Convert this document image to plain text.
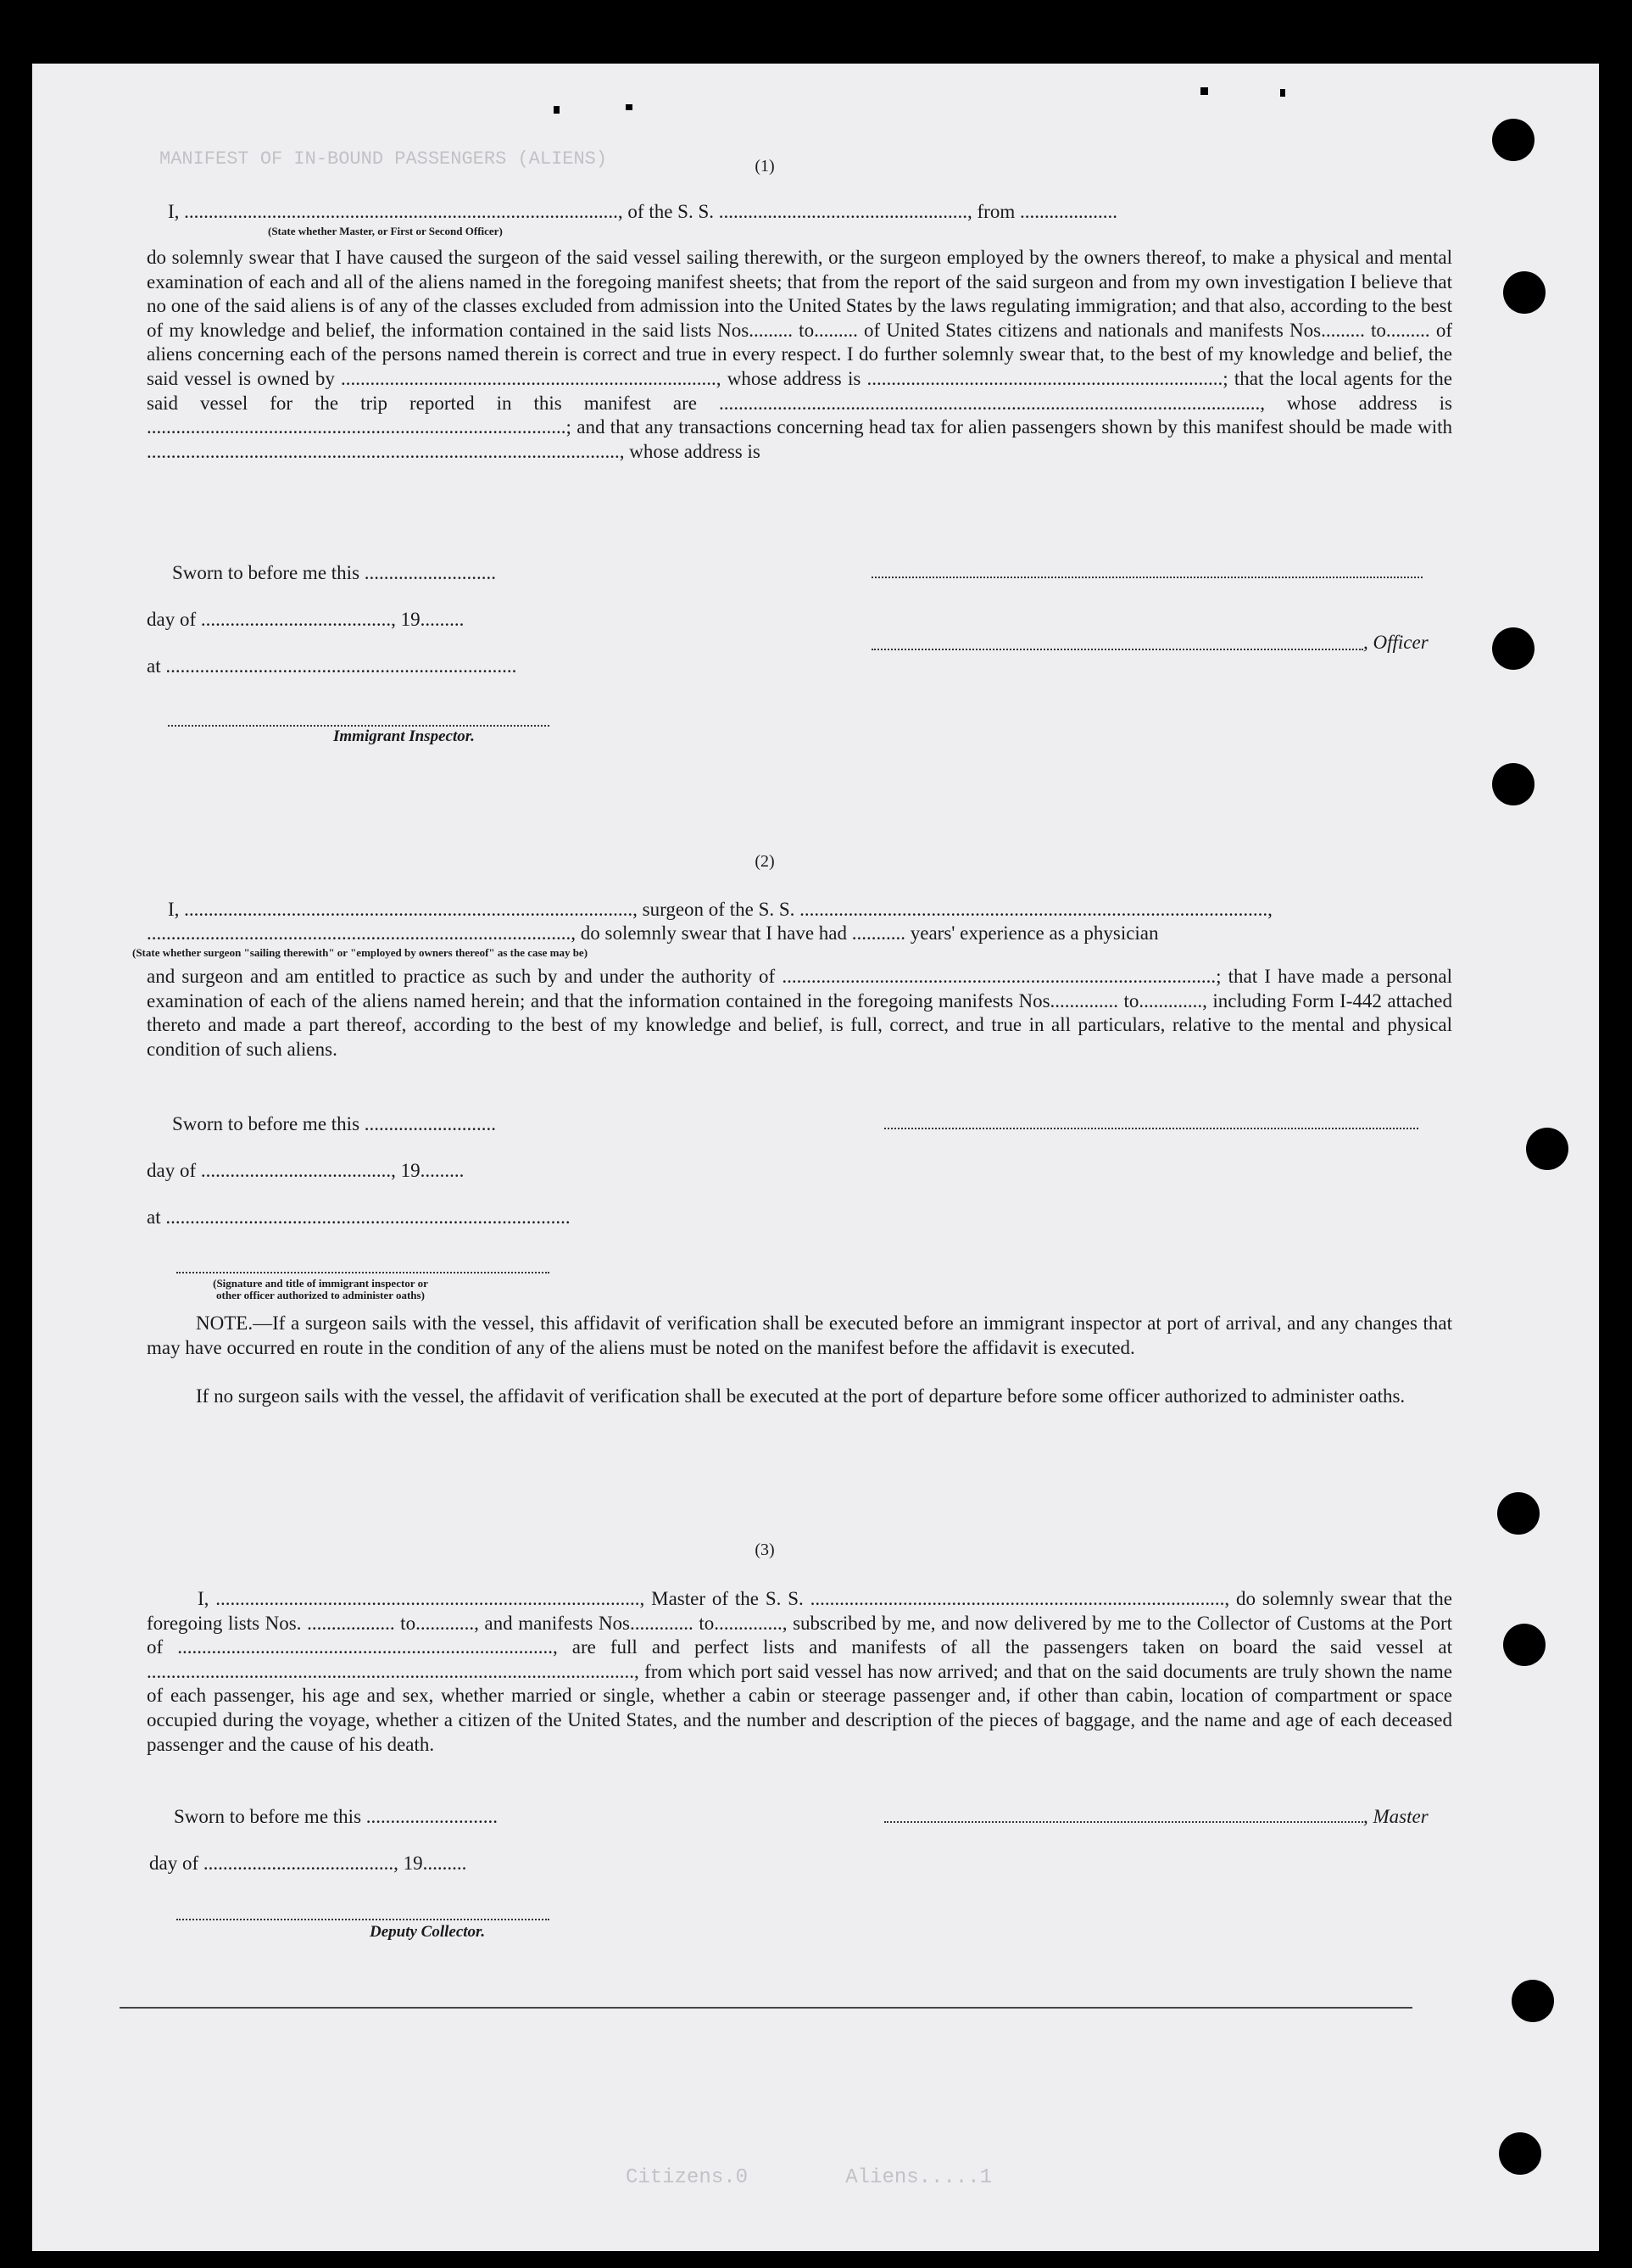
MANIFEST OF IN-BOUND PASSENGERS (ALIENS)
Citizens.0        Aliens.....1
(1)
I, ........................................................................................., of the S. S. ..................................................., from ....................
(State whether Master, or First or Second Officer)
do solemnly swear that I have caused the surgeon of the said vessel sailing therewith, or the surgeon employed by the owners thereof, to make a physical and mental examination of each and all of the aliens named in the foregoing manifest sheets; that from the report of the said surgeon and from my own investigation I believe that no one of the said aliens is of any of the classes excluded from admission into the United States by the laws regulating immigration; and that also, according to the best of my knowledge and belief, the information contained in the said lists Nos......... to......... of United States citizens and nationals and manifests Nos......... to......... of aliens concerning each of the persons named therein is correct and true in every respect. I do further solemnly swear that, to the best of my knowledge and belief, the said vessel is owned by ............................................................................., whose address is .........................................................................; that the local agents for the said vessel for the trip reported in this manifest are ..............................................................................................................., whose address is ......................................................................................; and that any transactions concerning head tax for alien passengers shown by this manifest should be made with ................................................................................................., whose address is
Sworn to before me this ...........................
day of ......................................., 19.........
, Officer
at ........................................................................
Immigrant Inspector.
(2)
I, ............................................................................................, surgeon of the S. S. ................................................................................................,
......................................................................................., do solemnly swear that I have had ........... years' experience as a physician
(State whether surgeon "sailing therewith" or "employed by owners thereof" as the case may be)
and surgeon and am entitled to practice as such by and under the authority of .........................................................................................; that I have made a personal examination of each of the aliens named herein; and that the information contained in the foregoing manifests Nos.............. to............., including Form I-442 attached thereto and made a part thereof, according to the best of my knowledge and belief, is full, correct, and true in all particulars, relative to the mental and physical condition of such aliens.
Sworn to before me this ...........................
day of ......................................., 19.........
at ...................................................................................
(Signature and title of immigrant inspector or
other officer authorized to administer oaths)
NOTE.—If a surgeon sails with the vessel, this affidavit of verification shall be executed before an immigrant inspector at port of arrival, and any changes that may have occurred en route in the condition of any of the aliens must be noted on the manifest before the affidavit is executed.
If no surgeon sails with the vessel, the affidavit of verification shall be executed at the port of departure before some officer authorized to administer oaths.
(3)
I, ......................................................................................., Master of the S. S. ....................................................................................., do solemnly swear that the foregoing lists Nos. .................. to............, and manifests Nos............. to.............., subscribed by me, and now delivered by me to the Collector of Customs at the Port of ............................................................................., are full and perfect lists and manifests of all the passengers taken on board the said vessel at ...................................................................................................., from which port said vessel has now arrived; and that on the said documents are truly shown the name of each passenger, his age and sex, whether married or single, whether a cabin or steerage passenger and, if other than cabin, location of compartment or space occupied during the voyage, whether a citizen of the United States, and the number and description of the pieces of baggage, and the name and age of each deceased passenger and the cause of his death.
Sworn to before me this ...........................	, Master
day of ......................................., 19.........
Deputy Collector.
